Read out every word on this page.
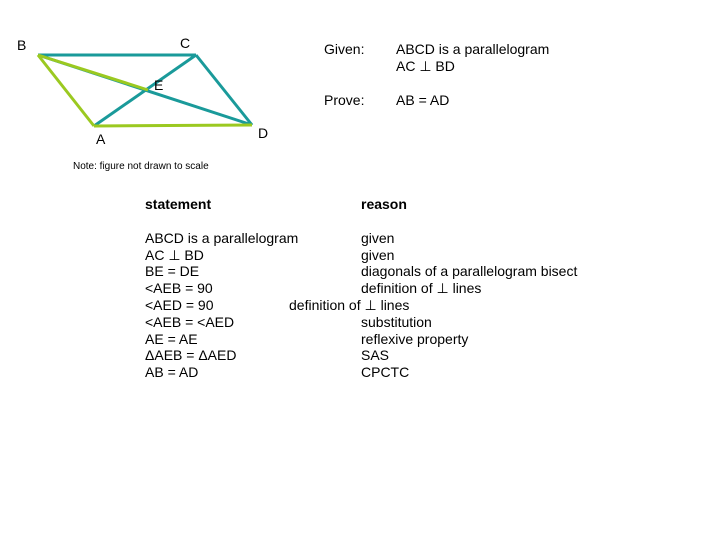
B	C
E
A	D
Note: figure not drawn to scale
Given: ABCD is a parallelogram
AC ⊥ BD
Prove: AB = AD
statement	reason
ABCD is a parallelogram	given
AC ⊥ BD	given
BE = DE	diagonals of a parallelogram bisect
<AEB = 90	definition of ⊥ lines
<AED = 90	definition of ⊥ lines
<AEB = <AED	substitution
AE = AE	reflexive property
ΔAEB = ΔAED	SAS
AB = AD	CPCTC
